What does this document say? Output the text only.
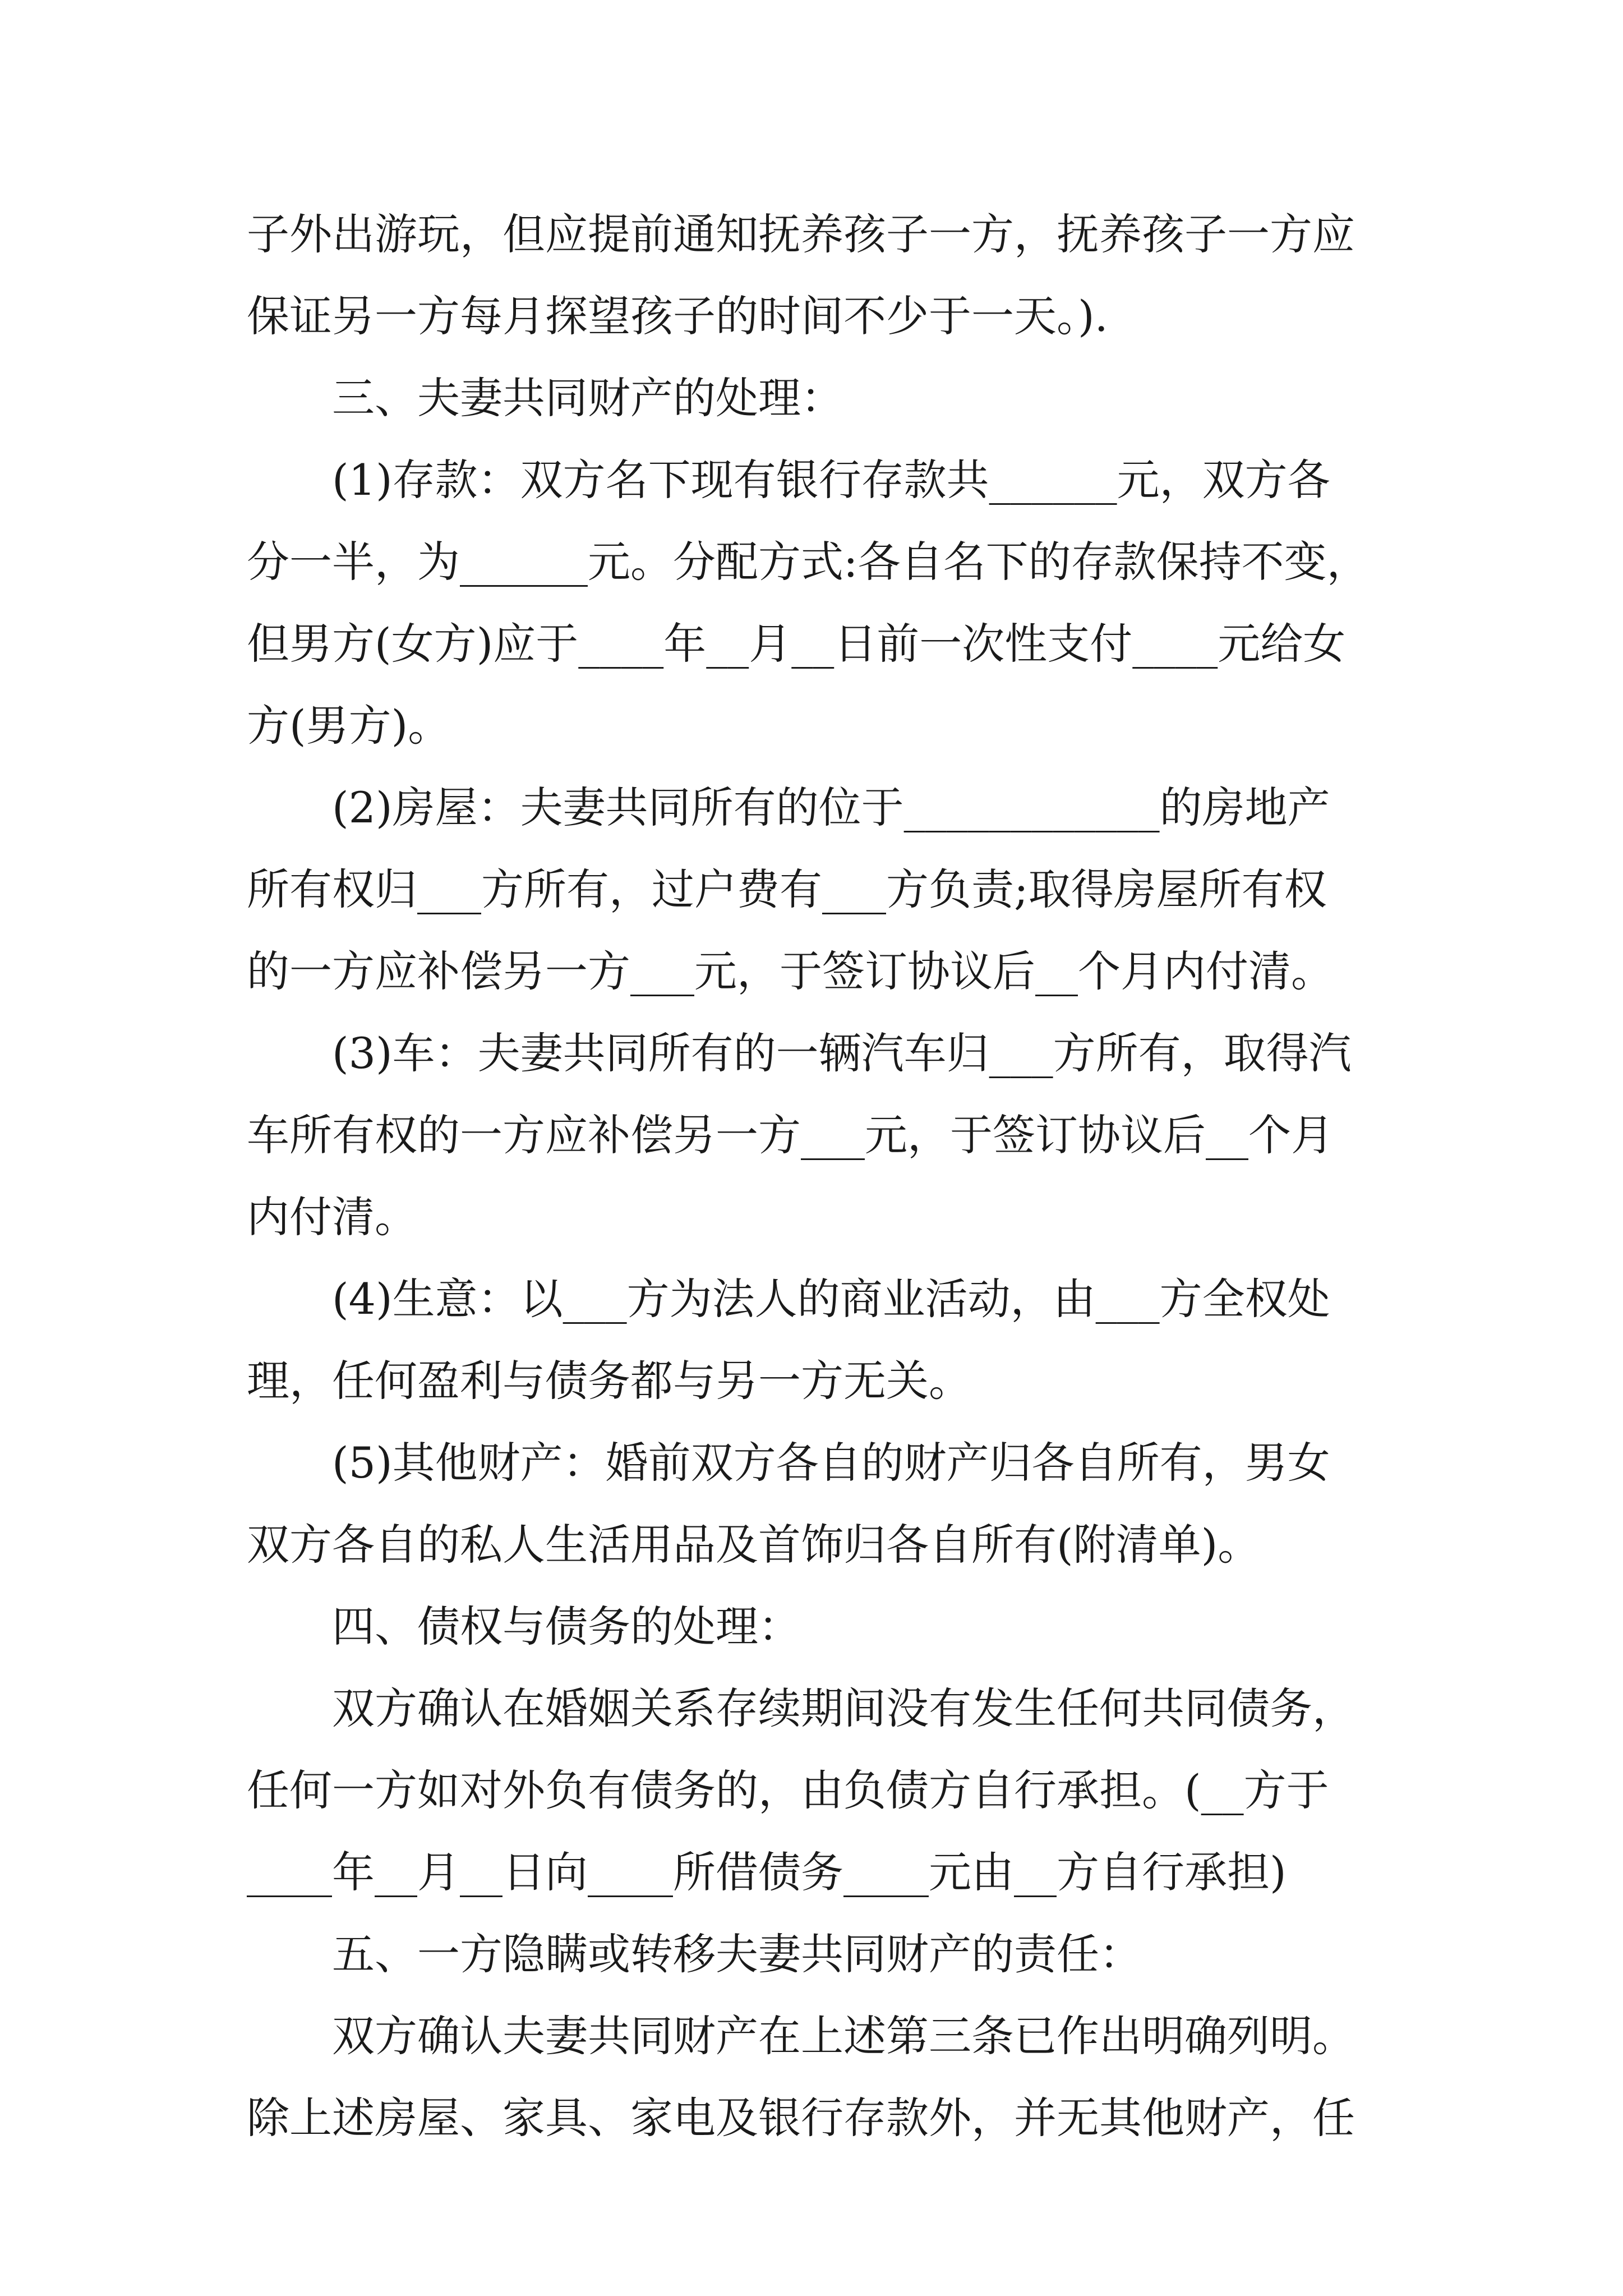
子外出游玩，但应提前通知抚养孩子一方，抚养孩子一方应
保证另一方每月探望孩子的时间不少于一天。).
三、夫妻共同财产的处理：
(1)存款：双方名下现有银行存款共______元，双方各
分一半，为______元。分配方式:各自名下的存款保持不变，
但男方(女方)应于____年__月__日前一次性支付____元给女
方(男方)。
(2)房屋：夫妻共同所有的位于____________的房地产
所有权归___方所有，过户费有___方负责;取得房屋所有权
的一方应补偿另一方___元，于签订协议后__个月内付清。
(3)车：夫妻共同所有的一辆汽车归___方所有，取得汽
车所有权的一方应补偿另一方___元，于签订协议后__个月
内付清。
(4)生意：以___方为法人的商业活动，由___方全权处
理，任何盈利与债务都与另一方无关。
(5)其他财产：婚前双方各自的财产归各自所有，男女
双方各自的私人生活用品及首饰归各自所有(附清单)。
四、债权与债务的处理：
双方确认在婚姻关系存续期间没有发生任何共同债务，
任何一方如对外负有债务的，由负债方自行承担。(__方于
____年__月__日向____所借债务____元由__方自行承担)
五、一方隐瞒或转移夫妻共同财产的责任：
双方确认夫妻共同财产在上述第三条已作出明确列明。
除上述房屋、家具、家电及银行存款外，并无其他财产，任
